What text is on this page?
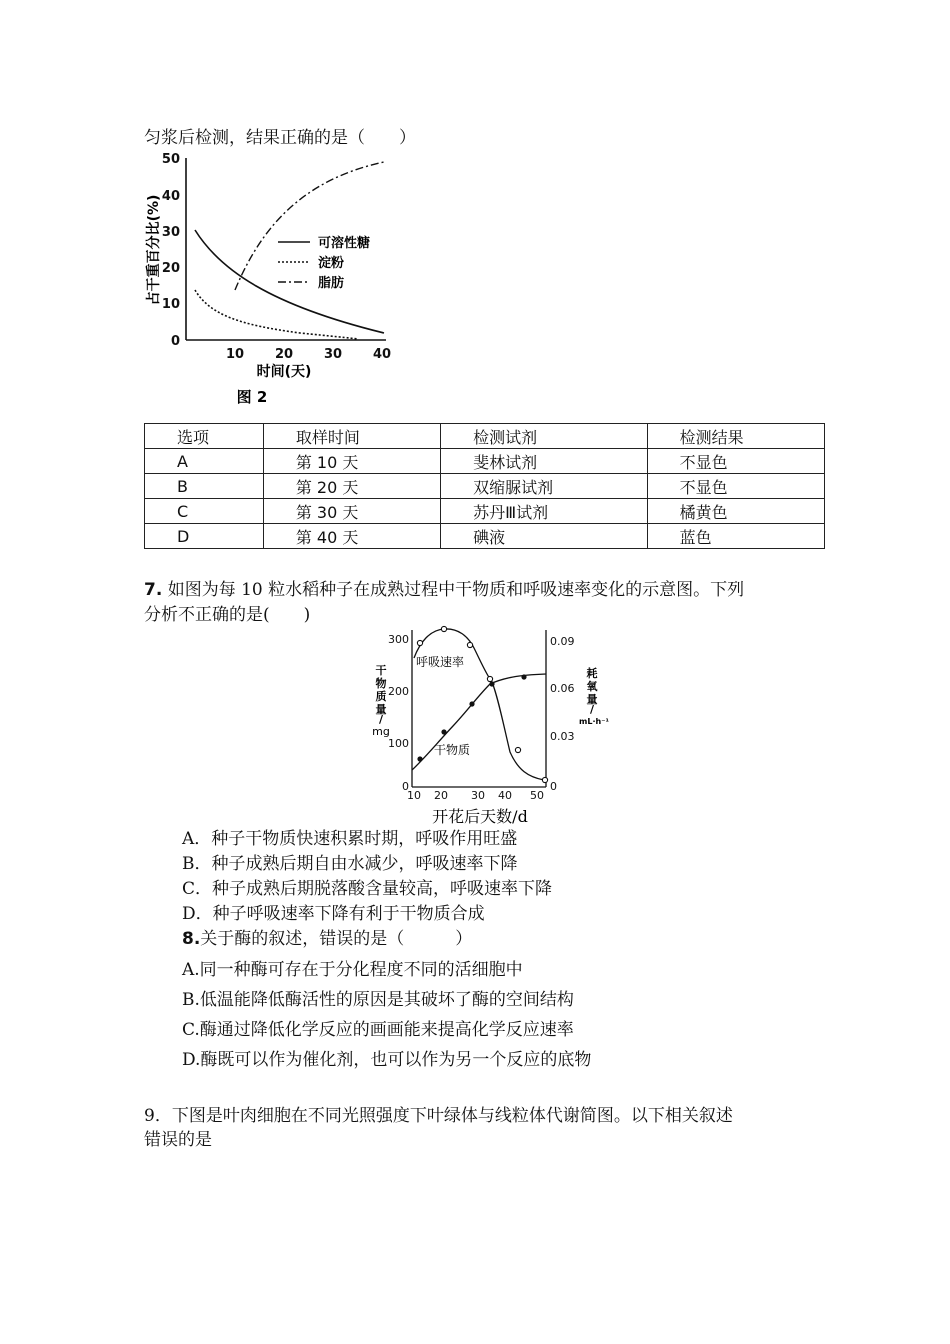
匀浆后检测，结果正确的是（　　）
0
10
20
30
40
50
10 20 30 40
时间(天)
图 2
占干重百分比(%)	可溶性糖
淀粉
脂肪
选项	取样时间	检测试剂	检测结果
A	第 10 天	斐林试剂	不显色
B	第 20 天	双缩脲试剂	不显色
C	第 30 天	苏丹Ⅲ试剂	橘黄色
D	第 40 天	碘液	蓝色
7. 如图为每 10 粒水稻种子在成熟过程中干物质和呼吸速率变化的示意图。下列
分析不正确的是(　　)
0
100
200
300
0
0.03
0.06
0.09
10 20 30 40 50
开花后天数/d
干
物
质
量
/
mg
耗
氧
量
/
mL·h⁻¹
呼吸速率
干物质
A．种子干物质快速积累时期，呼吸作用旺盛
B．种子成熟后期自由水减少，呼吸速率下降
C．种子成熟后期脱落酸含量较高，呼吸速率下降
D．种子呼吸速率下降有利于干物质合成
8.关于酶的叙述，错误的是（　　　）
A.同一种酶可存在于分化程度不同的活细胞中
B.低温能降低酶活性的原因是其破坏了酶的空间结构
C.酶通过降低化学反应的画画能来提高化学反应速率
D.酶既可以作为催化剂，也可以作为另一个反应的底物
9．下图是叶肉细胞在不同光照强度下叶绿体与线粒体代谢简图。以下相关叙述
错误的是
